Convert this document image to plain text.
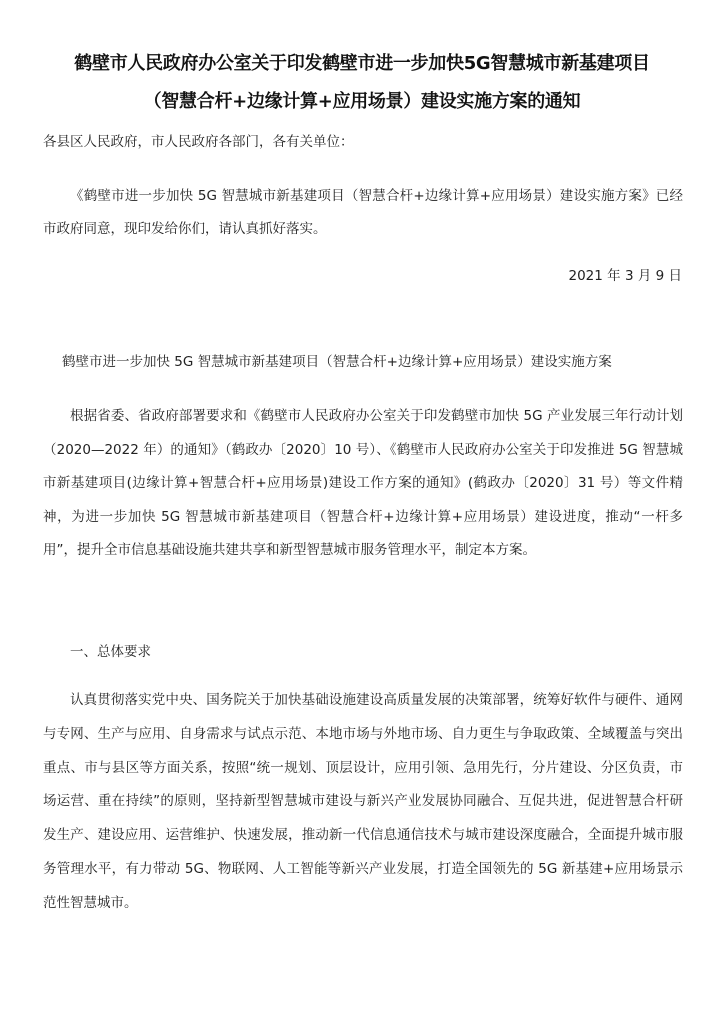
鹤壁市人民政府办公室关于印发鹤壁市进一步加快5G智慧城市新基建项目
（智慧合杆+边缘计算+应用场景）建设实施方案的通知
各县区人民政府，市人民政府各部门，各有关单位：
《鹤壁市进一步加快 5G 智慧城市新基建项目（智慧合杆+边缘计算+应用场景）建设实施方案》已经市政府同意，现印发给你们，请认真抓好落实。
2021 年 3 月 9 日
鹤壁市进一步加快 5G 智慧城市新基建项目（智慧合杆+边缘计算+应用场景）建设实施方案
根据省委、省政府部署要求和《鹤壁市人民政府办公室关于印发鹤壁市加快 5G 产业发展三年行动计划（2020—2022 年）的通知》（鹤政办〔2020〕10 号）、《鹤壁市人民政府办公室关于印发推进 5G 智慧城市新基建项目(边缘计算+智慧合杆+应用场景)建设工作方案的通知》(鹤政办〔2020〕31 号）等文件精神，为进一步加快 5G 智慧城市新基建项目（智慧合杆+边缘计算+应用场景）建设进度，推动“一杆多用”，提升全市信息基础设施共建共享和新型智慧城市服务管理水平，制定本方案。
一、总体要求
认真贯彻落实党中央、国务院关于加快基础设施建设高质量发展的决策部署，统筹好软件与硬件、通网与专网、生产与应用、自身需求与试点示范、本地市场与外地市场、自力更生与争取政策、全域覆盖与突出重点、市与县区等方面关系，按照“统一规划、顶层设计，应用引领、急用先行，分片建设、分区负责，市场运营、重在持续”的原则，坚持新型智慧城市建设与新兴产业发展协同融合、互促共进，促进智慧合杆研发生产、建设应用、运营维护、快速发展，推动新一代信息通信技术与城市建设深度融合，全面提升城市服务管理水平，有力带动 5G、物联网、人工智能等新兴产业发展，打造全国领先的 5G 新基建+应用场景示范性智慧城市。
